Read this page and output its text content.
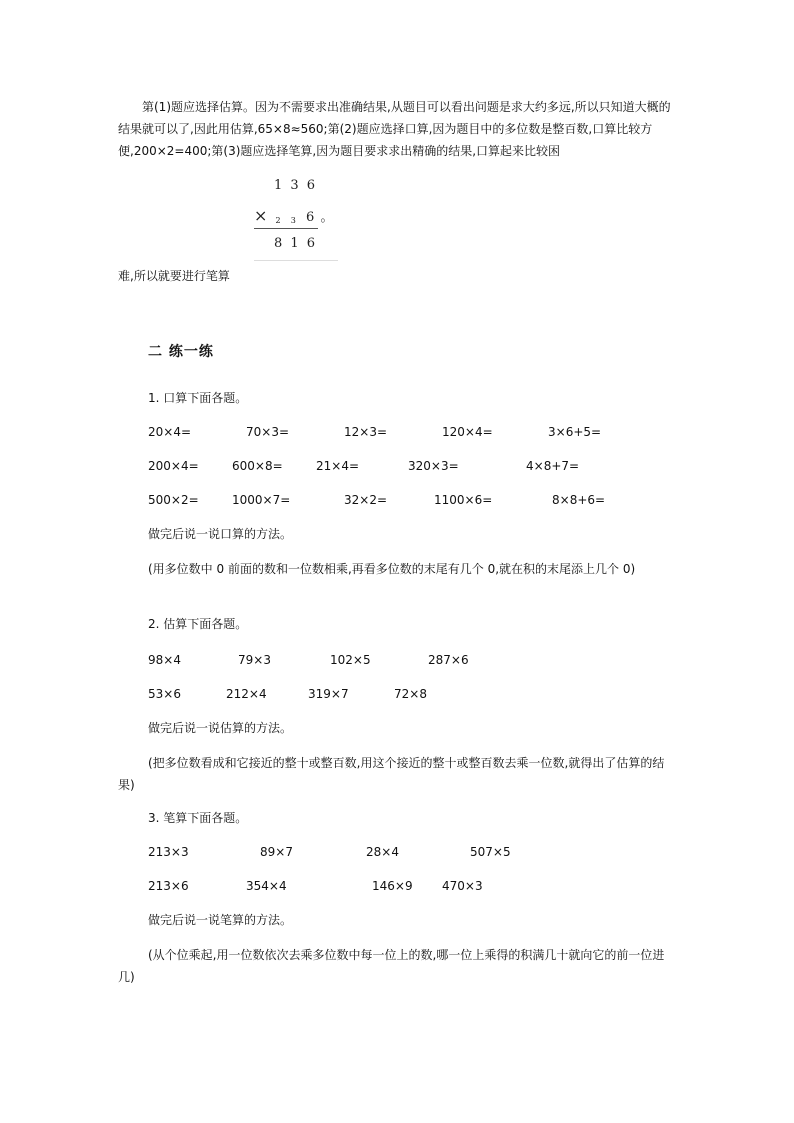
　　第(1)题应选择估算。因为不需要求出准确结果,从题目可以看出问题是求大约多远,所以只知道大概的结果就可以了,因此用估算,65×8≈560;第(2)题应选择口算,因为题目中的多位数是整百数,口算比较方便,200×2=400;第(3)题应选择笔算,因为题目要求求出精确的结果,口算起来比较困
1 3 6
× 2 3 6 。
8 1 6
难,所以就要进行笔算
二 练一练
1. 口算下面各题。
20×4=	70×3=	12×3=	120×4=	3×6+5=
200×4=	600×8=	21×4=	320×3=	4×8+7=
500×2=	1000×7=	32×2=	1100×6=	8×8+6=
做完后说一说口算的方法。
(用多位数中 0 前面的数和一位数相乘,再看多位数的末尾有几个 0,就在积的末尾添上几个 0)
2. 估算下面各题。
98×4	79×3	102×5	287×6
53×6	212×4	319×7	72×8
做完后说一说估算的方法。
(把多位数看成和它接近的整十或整百数,用这个接近的整十或整百数去乘一位数,就得出了估算的结果)
3. 笔算下面各题。
213×3	89×7	28×4	507×5
213×6	354×4	146×9 470×3
做完后说一说笔算的方法。
(从个位乘起,用一位数依次去乘多位数中每一位上的数,哪一位上乘得的积满几十就向它的前一位进几)
